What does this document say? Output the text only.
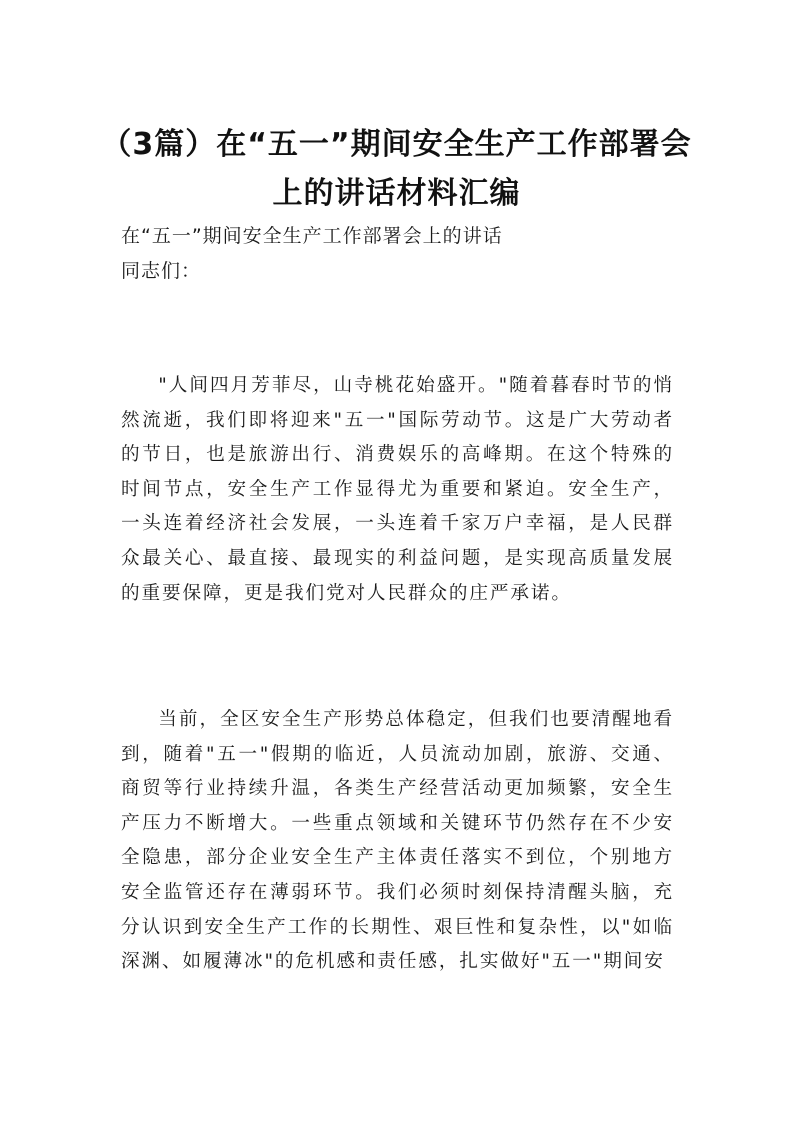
（3篇）在“五一”期间安全生产工作部署会上的讲话材料汇编
在“五一”期间安全生产工作部署会上的讲话
同志们：

"人间四月芳菲尽，山寺桃花始盛开。"随着暮春时节的悄然流逝，我们即将迎来"五一"国际劳动节。这是广大劳动者的节日，也是旅游出行、消费娱乐的高峰期。在这个特殊的时间节点，安全生产工作显得尤为重要和紧迫。安全生产，一头连着经济社会发展，一头连着千家万户幸福，是人民群众最关心、最直接、最现实的利益问题，是实现高质量发展的重要保障，更是我们党对人民群众的庄严承诺。

当前，全区安全生产形势总体稳定，但我们也要清醒地看到，随着"五一"假期的临近，人员流动加剧，旅游、交通、商贸等行业持续升温，各类生产经营活动更加频繁，安全生产压力不断增大。一些重点领域和关键环节仍然存在不少安全隐患，部分企业安全生产主体责任落实不到位，个别地方安全监管还存在薄弱环节。我们必须时刻保持清醒头脑，充分认识到安全生产工作的长期性、艰巨性和复杂性，以"如临深渊、如履薄冰"的危机感和责任感，扎实做好"五一"期间安
